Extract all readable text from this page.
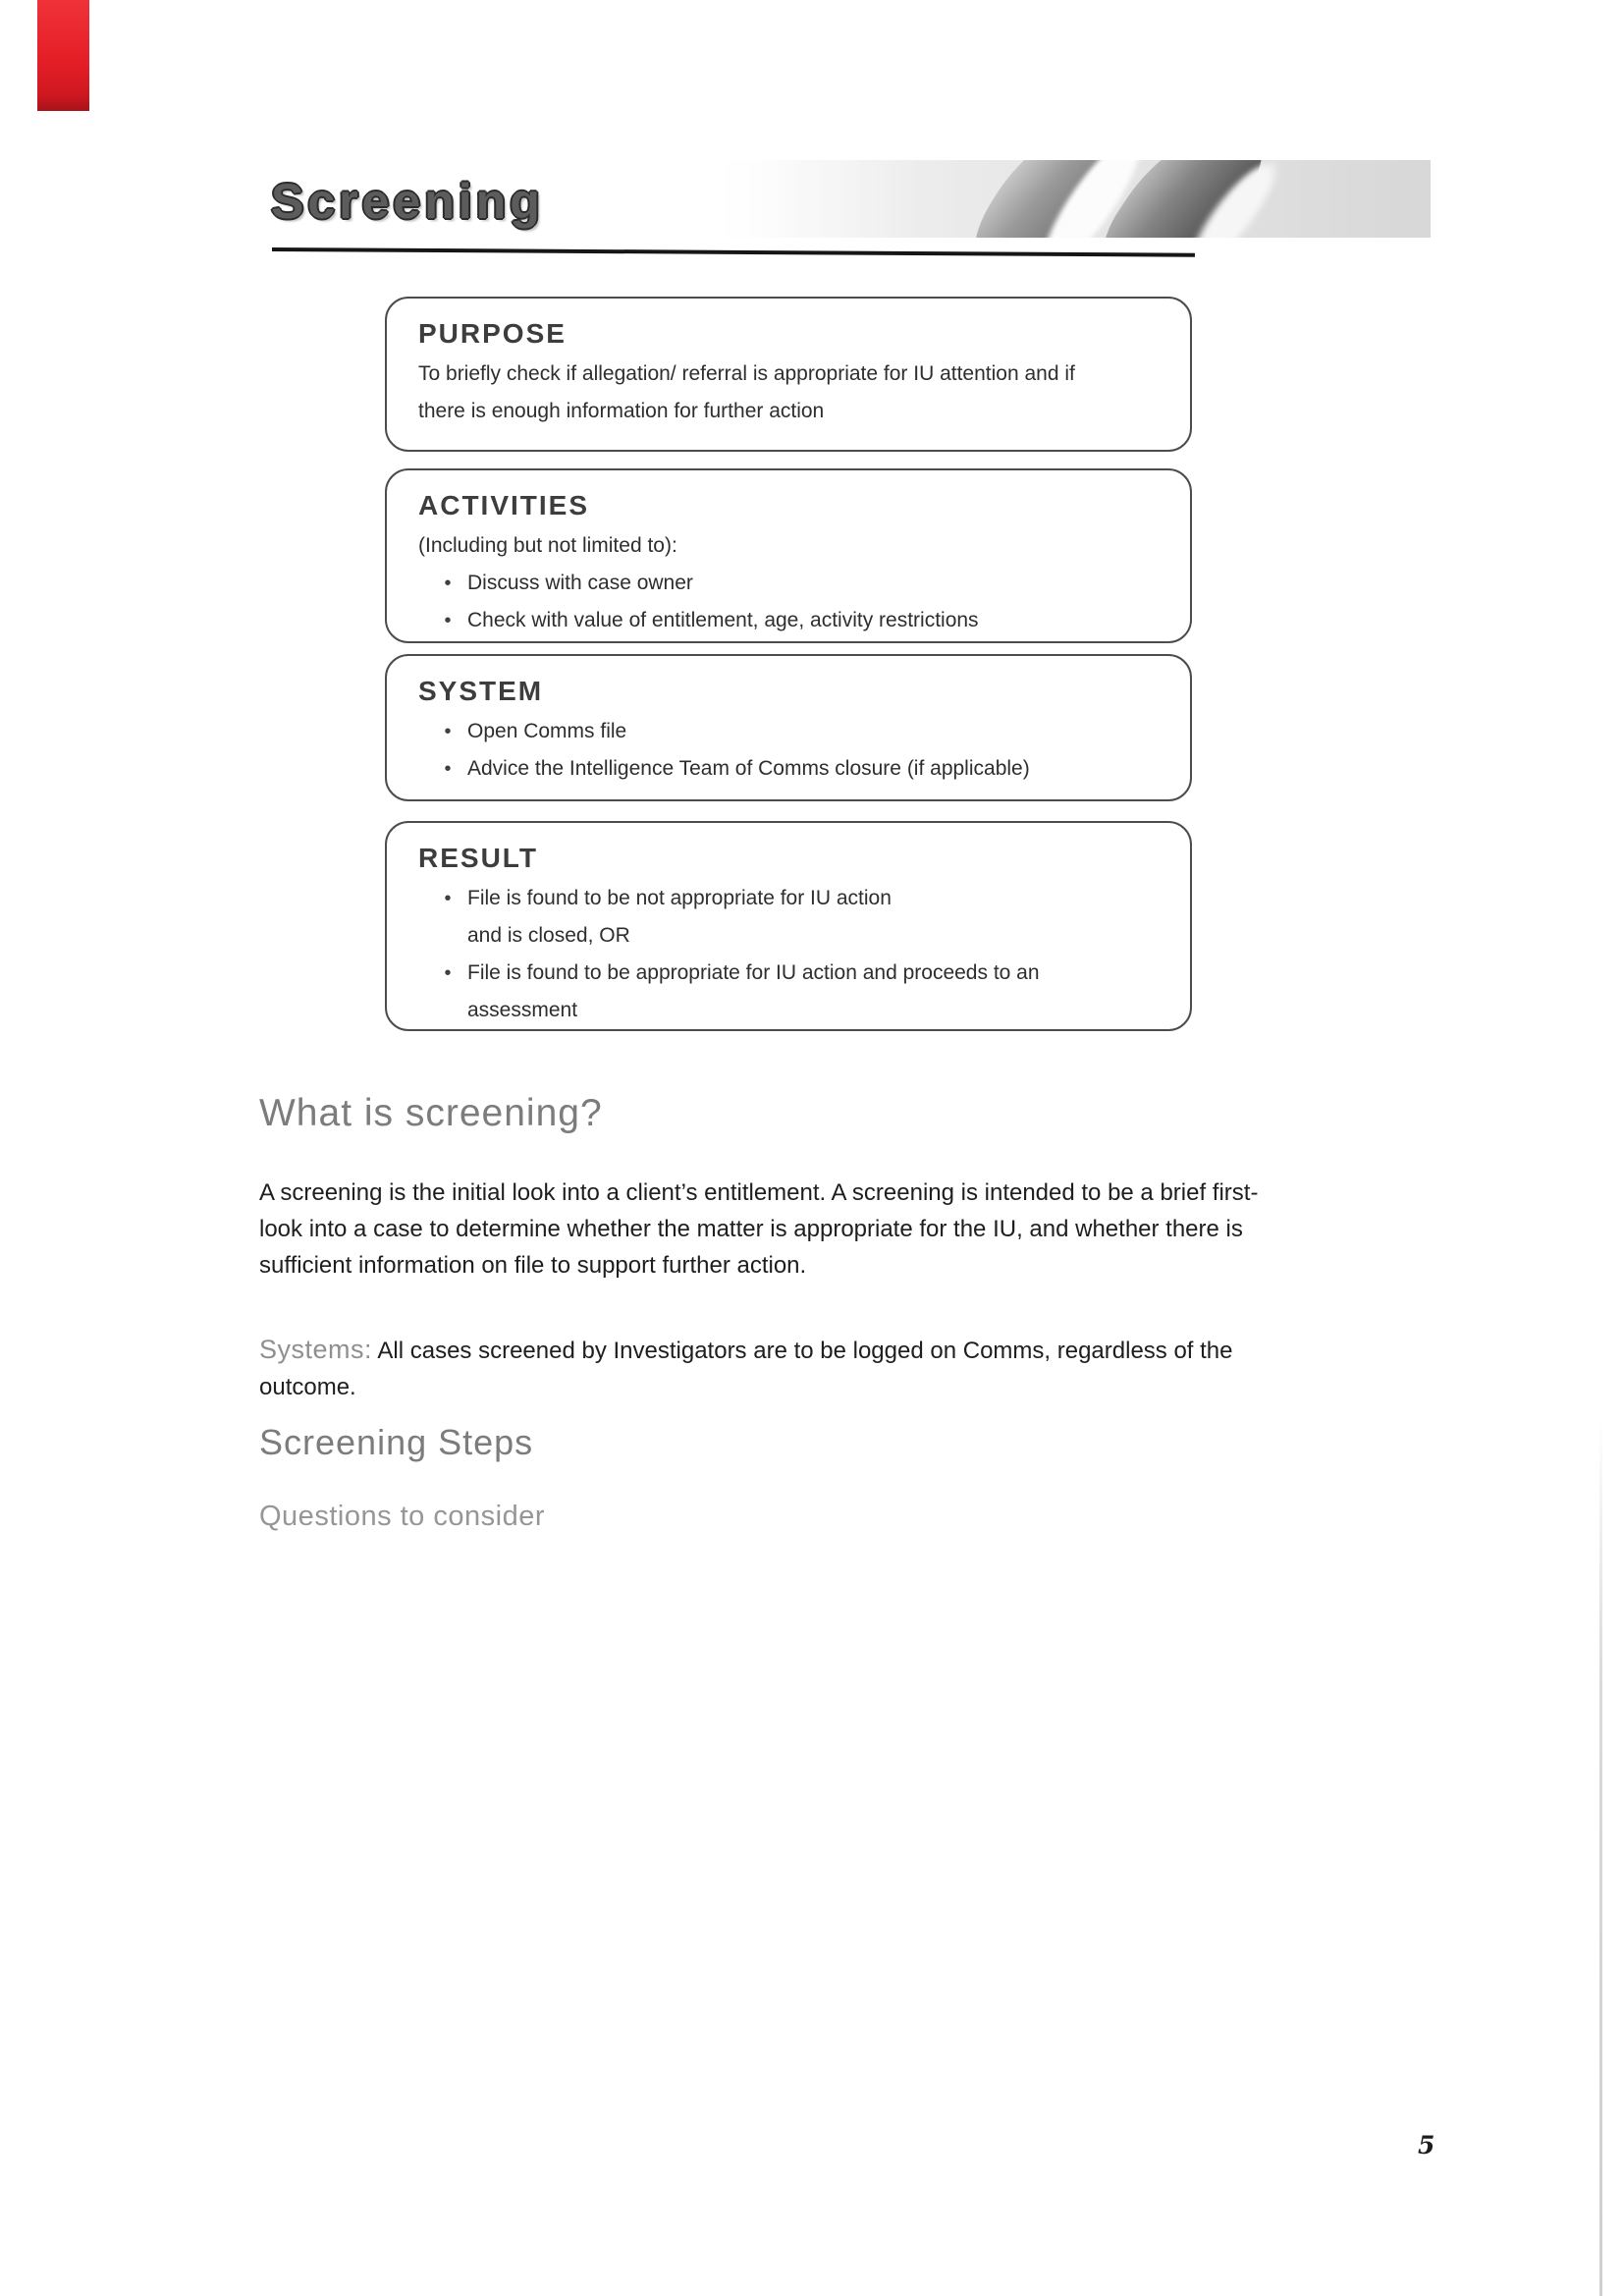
Screening
PURPOSE
To briefly check if allegation/ referral is appropriate for IU attention and if
there is enough information for further action
ACTIVITIES
(Including but not limited to):
• Discuss with case owner
• Check with value of entitlement, age, activity restrictions
SYSTEM
• Open Comms file
• Advice the Intelligence Team of Comms closure (if applicable)
RESULT
• File is found to be not appropriate for IU action
and is closed, OR
• File is found to be appropriate for IU action and proceeds to an
assessment
What is screening?
A screening is the initial look into a client’s entitlement. A screening is intended to be a brief first-
look into a case to determine whether the matter is appropriate for the IU, and whether there is
sufficient information on file to support further action.
Systems: All cases screened by Investigators are to be logged on Comms, regardless of the
outcome.
Screening Steps
Questions to consider
5
